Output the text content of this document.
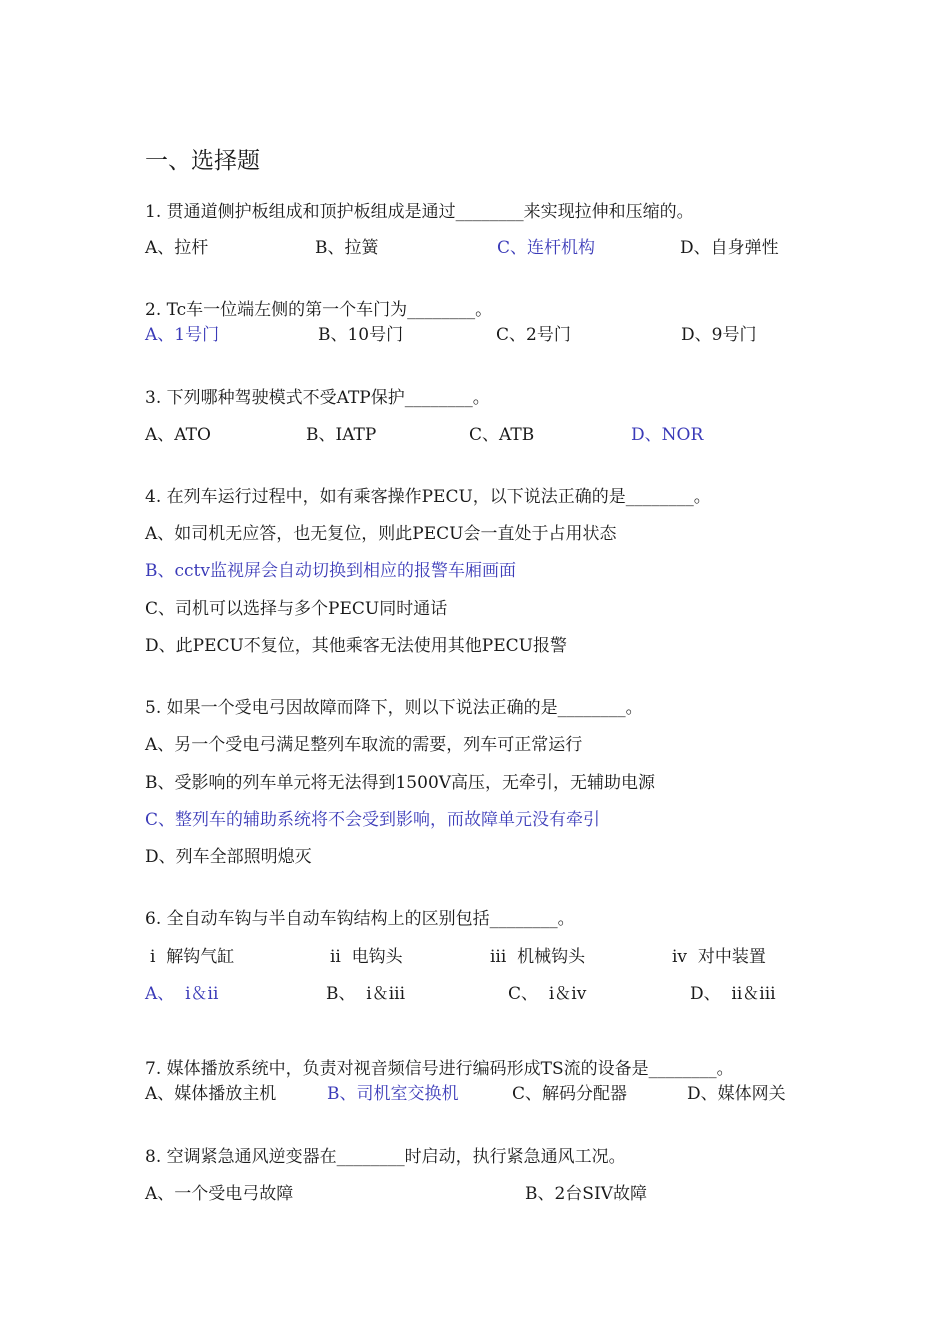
一、选择题
1. 贯通道侧护板组成和顶护板组成是通过________来实现拉伸和压缩的。
A、拉杆	B、拉簧	C、连杆机构	D、自身弹性
2. Tc车一位端左侧的第一个车门为________。
A、1号门	B、10号门	C、2号门	D、9号门
3. 下列哪种驾驶模式不受ATP保护________。
A、ATO	B、IATP	C、ATB	D、NOR
4. 在列车运行过程中，如有乘客操作PECU，以下说法正确的是________。
A、如司机无应答，也无复位，则此PECU会一直处于占用状态
B、cctv监视屏会自动切换到相应的报警车厢画面
C、司机可以选择与多个PECU同时通话
D、此PECU不复位，其他乘客无法使用其他PECU报警
5. 如果一个受电弓因故障而降下，则以下说法正确的是________。
A、另一个受电弓满足整列车取流的需要，列车可正常运行
B、受影响的列车单元将无法得到1500V高压，无牵引，无辅助电源
C、整列车的辅助系统将不会受到影响，而故障单元没有牵引
D、列车全部照明熄灭
6. 全自动车钩与半自动车钩结构上的区别包括________。
i  解钩气缸	ii  电钩头	iii  机械钩头	iv  对中装置
A、  i＆ii	B、  i＆iii	C、  i＆iv	D、  ii＆iii
7. 媒体播放系统中，负责对视音频信号进行编码形成TS流的设备是________。
A、媒体播放主机	B、司机室交换机	C、解码分配器	D、媒体网关
8. 空调紧急通风逆变器在________时启动，执行紧急通风工况。
A、一个受电弓故障	B、2台SIV故障
